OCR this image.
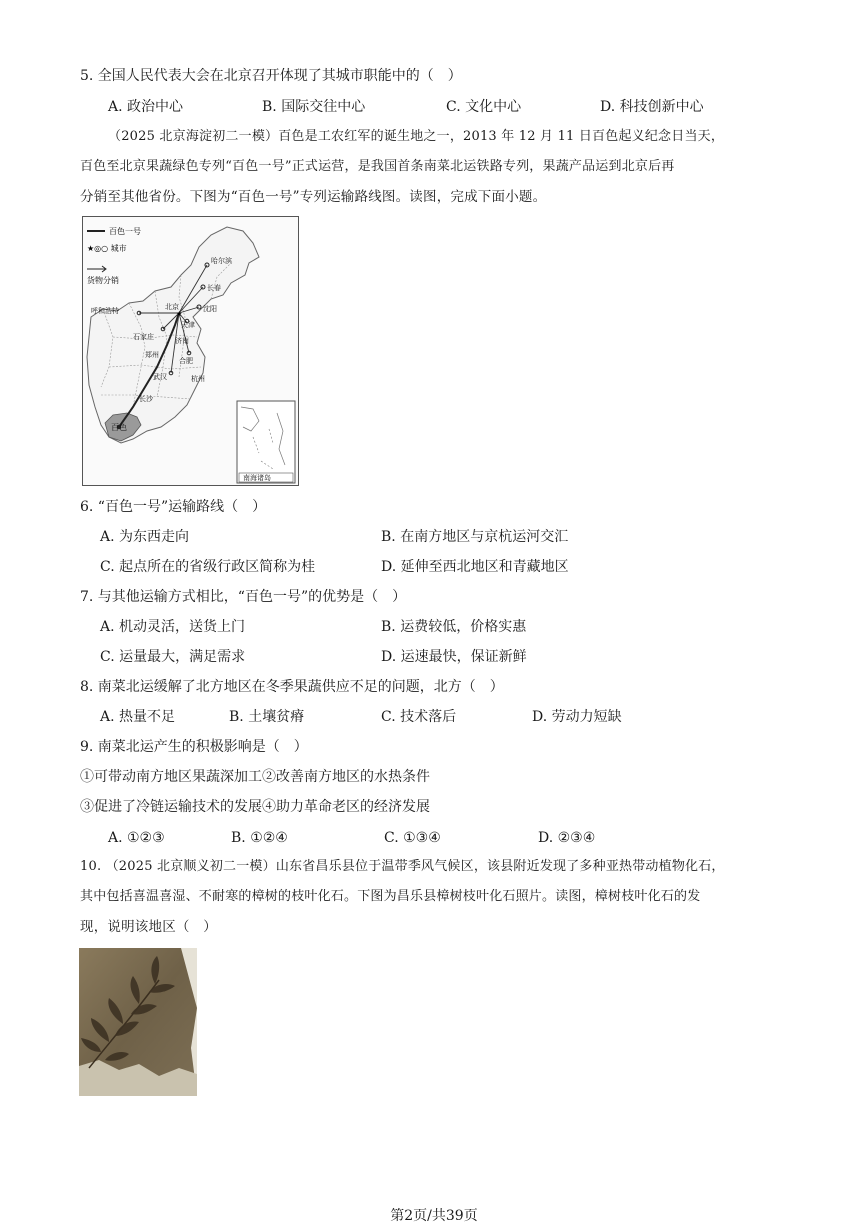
5. 全国人民代表大会在北京召开体现了其城市职能中的（　）
A. 政治中心	B. 国际交往中心	C. 文化中心	D. 科技创新中心
（2025 北京海淀初二一模）百色是工农红军的诞生地之一，2013 年 12 月 11 日百色起义纪念日当天，
百色至北京果蔬绿色专列“百色一号”正式运营，是我国首条南菜北运铁路专列，果蔬产品运到北京后再
分销至其他省份。下图为“百色一号”专列运输路线图。读图，完成下面小题。
★
百色一号
★◎○ 城市
货物分销
哈尔滨
长春
沈阳
北京
天津
呼和浩特
石家庄	济南
郑州
合肥
武汉	杭州
长沙
百色
南海诸岛
6. “百色一号”运输路线（　）
A. 为东西走向	B. 在南方地区与京杭运河交汇
C. 起点所在的省级行政区简称为桂	D. 延伸至西北地区和青藏地区
7. 与其他运输方式相比，“百色一号”的优势是（　）
A. 机动灵活，送货上门	B. 运费较低，价格实惠
C. 运量最大，满足需求	D. 运速最快，保证新鲜
8. 南菜北运缓解了北方地区在冬季果蔬供应不足的问题，北方（　）
A. 热量不足	B. 土壤贫瘠	C. 技术落后	D. 劳动力短缺
9. 南菜北运产生的积极影响是（　）
①可带动南方地区果蔬深加工②改善南方地区的水热条件
③促进了冷链运输技术的发展④助力革命老区的经济发展
A. ①②③	B. ①②④	C. ①③④	D. ②③④
10. （2025 北京顺义初二一模）山东省昌乐县位于温带季风气候区，该县附近发现了多种亚热带动植物化石，
其中包括喜温喜湿、不耐寒的樟树的枝叶化石。下图为昌乐县樟树枝叶化石照片。读图，樟树枝叶化石的发
现，说明该地区（　）
第2页/共39页
